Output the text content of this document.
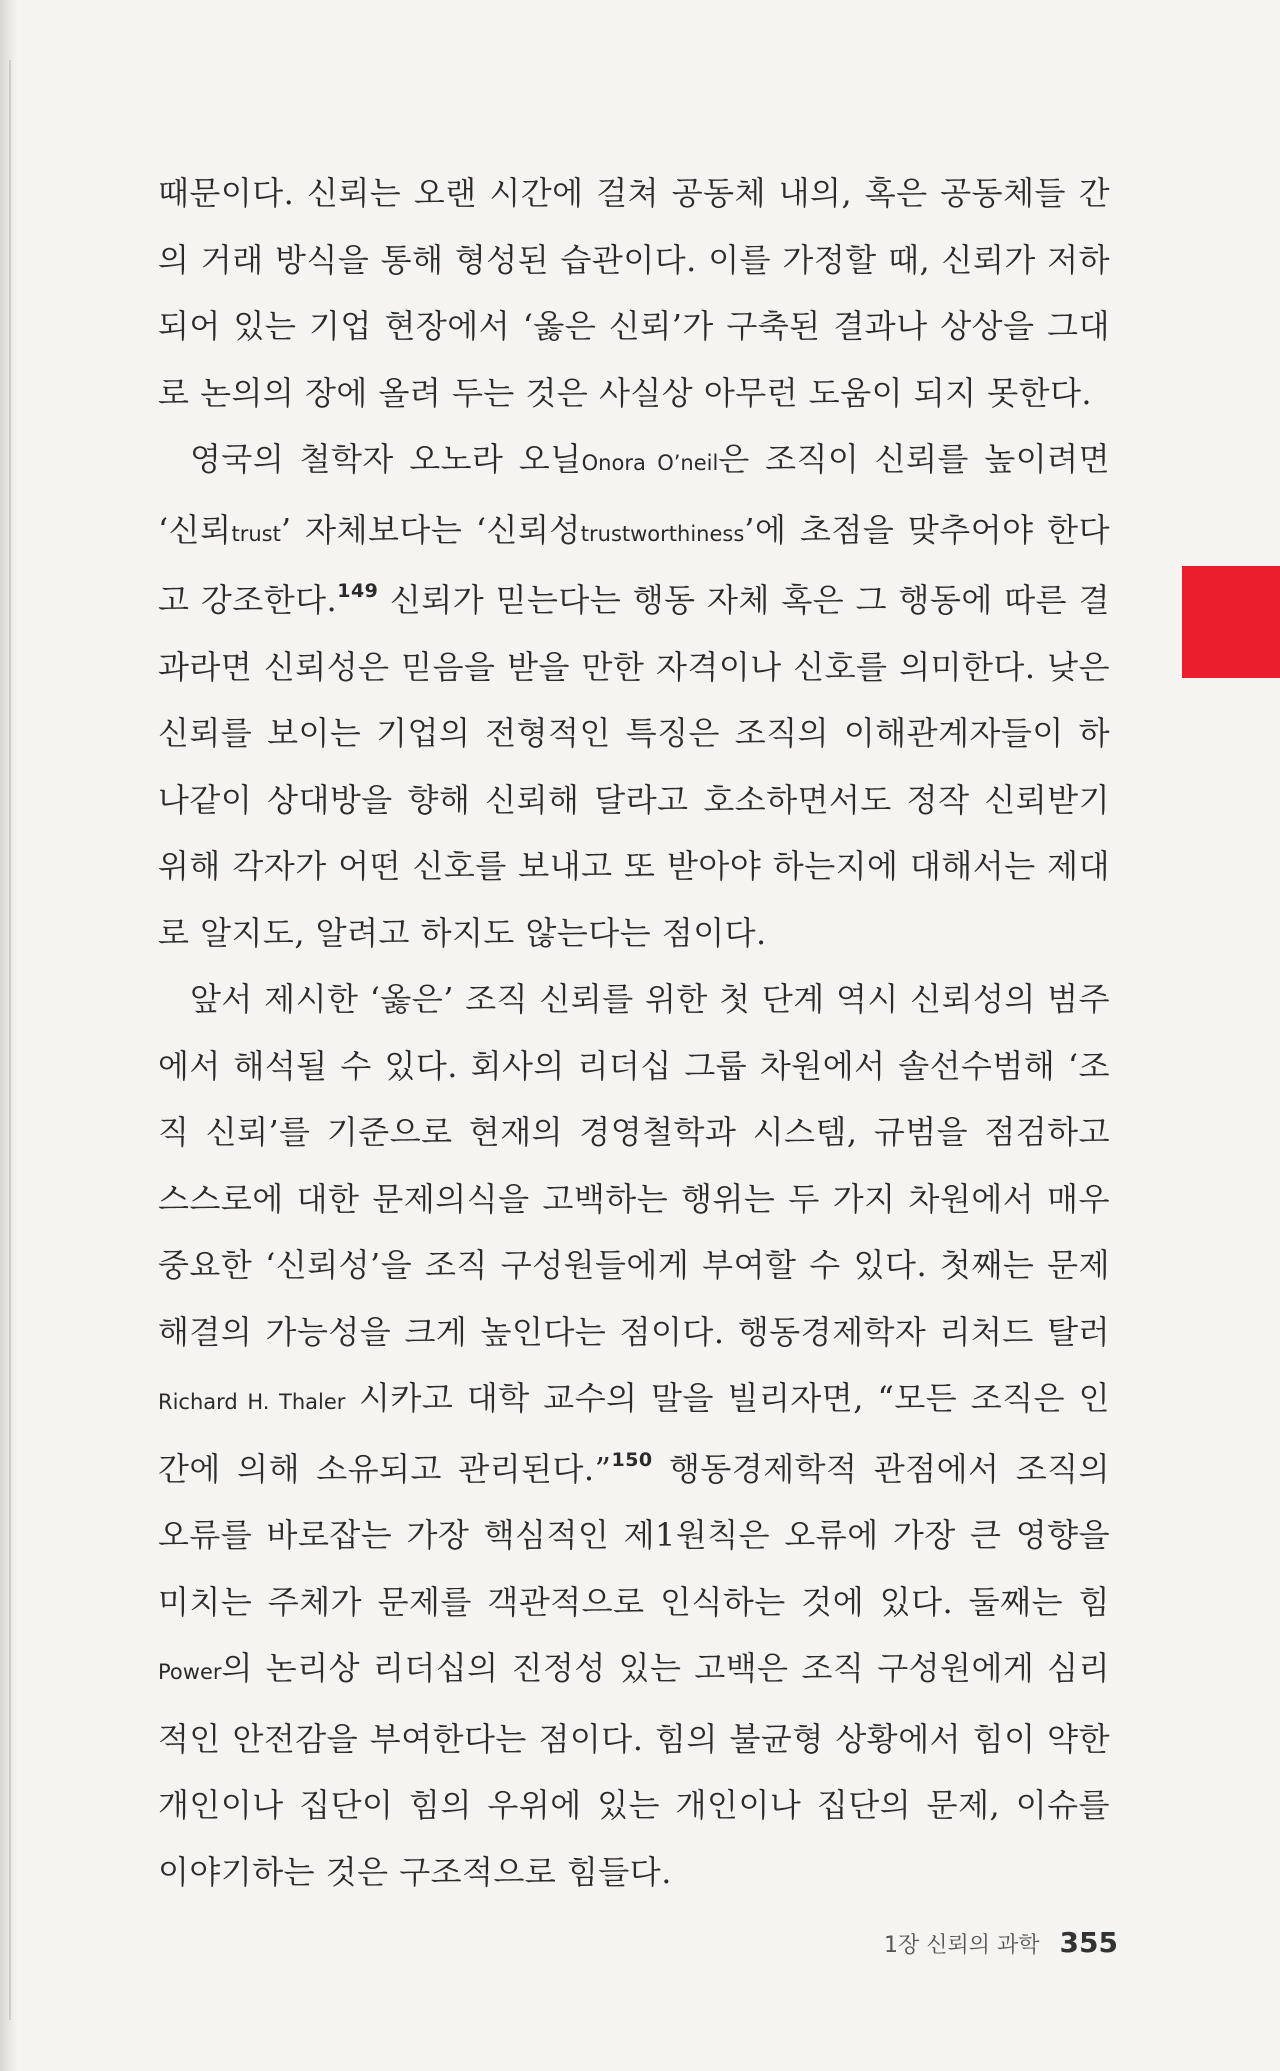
때문이다. 신뢰는 오랜 시간에 걸쳐 공동체 내의, 혹은 공동체들 간의 거래 방식을 통해 형성된 습관이다. 이를 가정할 때, 신뢰가 저하되어 있는 기업 현장에서 ‘옳은 신뢰’가 구축된 결과나 상상을 그대로 논의의 장에 올려 두는 것은 사실상 아무런 도움이 되지 못한다.

영국의 철학자 오노라 오닐Onora O’neil은 조직이 신뢰를 높이려면 ‘신뢰trust’ 자체보다는 ‘신뢰성trustworthiness’에 초점을 맞추어야 한다고 강조한다.$^{149}$ 신뢰가 믿는다는 행동 자체 혹은 그 행동에 따른 결과라면 신뢰성은 믿음을 받을 만한 자격이나 신호를 의미한다. 낮은 신뢰를 보이는 기업의 전형적인 특징은 조직의 이해관계자들이 하나같이 상대방을 향해 신뢰해 달라고 호소하면서도 정작 신뢰받기 위해 각자가 어떤 신호를 보내고 또 받아야 하는지에 대해서는 제대로 알지도, 알려고 하지도 않는다는 점이다.

앞서 제시한 ‘옳은’ 조직 신뢰를 위한 첫 단계 역시 신뢰성의 범주에서 해석될 수 있다. 회사의 리더십 그룹 차원에서 솔선수범해 ‘조직 신뢰’를 기준으로 현재의 경영철학과 시스템, 규범을 점검하고 스스로에 대한 문제의식을 고백하는 행위는 두 가지 차원에서 매우 중요한 ‘신뢰성’을 조직 구성원들에게 부여할 수 있다. 첫째는 문제해결의 가능성을 크게 높인다는 점이다. 행동경제학자 리처드 탈러Richard H. Thaler 시카고 대학 교수의 말을 빌리자면, “모든 조직은 인간에 의해 소유되고 관리된다.”$^{150}$ 행동경제학적 관점에서 조직의 오류를 바로잡는 가장 핵심적인 제1원칙은 오류에 가장 큰 영향을 미치는 주체가 문제를 객관적으로 인식하는 것에 있다. 둘째는 힘Power의 논리상 리더십의 진정성 있는 고백은 조직 구성원에게 심리적인 안전감을 부여한다는 점이다. 힘의 불균형 상황에서 힘이 약한 개인이나 집단이 힘의 우위에 있는 개인이나 집단의 문제, 이슈를 이야기하는 것은 구조적으로 힘들다.

1장 신뢰의 과학 355
